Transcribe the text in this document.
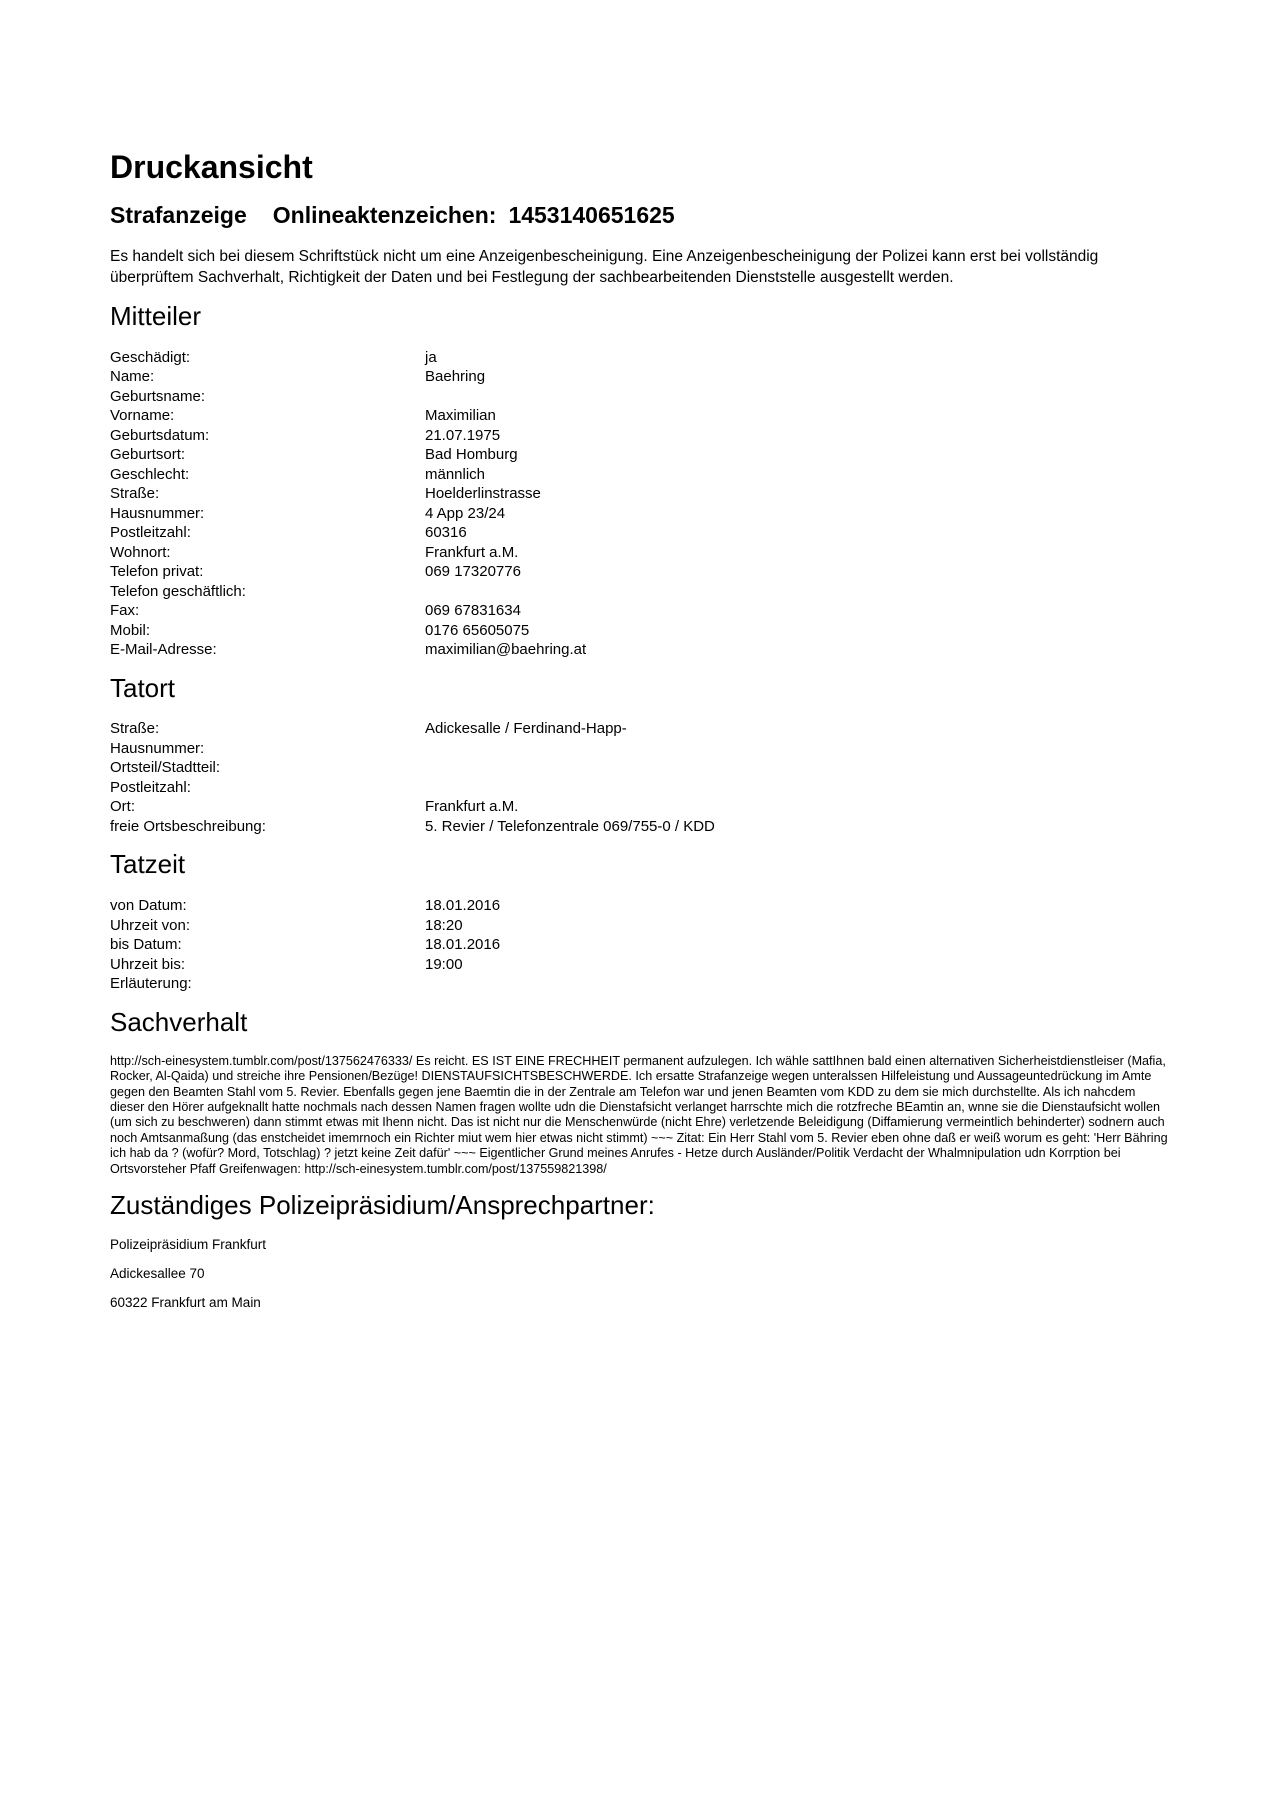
Druckansicht
Strafanzeige Onlineaktenzeichen: 1453140651625

Es handelt sich bei diesem Schriftstück nicht um eine Anzeigenbescheinigung. Eine Anzeigenbescheinigung der Polizei kann erst bei vollständig überprüftem Sachverhalt, Richtigkeit der Daten und bei Festlegung der sachbearbeitenden Dienststelle ausgestellt werden.

Mitteiler
Geschädigt:	ja
Name:	Baehring
Geburtsname:
Vorname:	Maximilian
Geburtsdatum:	21.07.1975
Geburtsort:	Bad Homburg
Geschlecht:	männlich
Straße:	Hoelderlinstrasse
Hausnummer:	4 App 23/24
Postleitzahl:	60316
Wohnort:	Frankfurt a.M.
Telefon privat:	069 17320776
Telefon geschäftlich:
Fax:	069 67831634
Mobil:	0176 65605075
E-Mail-Adresse:	maximilian@baehring.at
Tatort
Straße:	Adickesalle / Ferdinand-Happ-
Hausnummer:
Ortsteil/Stadtteil:
Postleitzahl:
Ort:	Frankfurt a.M.
freie Ortsbeschreibung:	5. Revier / Telefonzentrale 069/755-0 / KDD
Tatzeit
von Datum:	18.01.2016
Uhrzeit von:	18:20
bis Datum:	18.01.2016
Uhrzeit bis:	19:00
Erläuterung:
Sachverhalt

http://sch-einesystem.tumblr.com/post/137562476333/ Es reicht. ES IST EINE FRECHHEIT permanent aufzulegen. Ich wähle sattIhnen bald einen alternativen Sicherheistdienstleiser (Mafia, Rocker, Al-Qaida) und streiche ihre Pensionen/Bezüge! DIENSTAUFSICHTSBESCHWERDE. Ich ersatte Strafanzeige wegen unteralssen Hilfeleistung und Aussageuntedrückung im Amte gegen den Beamten Stahl vom 5. Revier. Ebenfalls gegen jene Baemtin die in der Zentrale am Telefon war und jenen Beamten vom KDD zu dem sie mich durchstellte. Als ich nahcdem dieser den Hörer aufgeknallt hatte nochmals nach dessen Namen fragen wollte udn die Dienstafsicht verlanget harrschte mich die rotzfreche BEamtin an, wnne sie die Dienstaufsicht wollen (um sich zu beschweren) dann stimmt etwas mit Ihenn nicht. Das ist nicht nur die Menschenwürde (nicht Ehre) verletzende Beleidigung (Diffamierung vermeintlich behinderter) sodnern auch noch Amtsanmaßung (das enstcheidet imemrnoch ein Richter miut wem hier etwas nicht stimmt) ~~~ Zitat: Ein Herr Stahl vom 5. Revier eben ohne daß er weiß worum es geht: 'Herr Bähring ich hab da ? (wofür? Mord, Totschlag) ? jetzt keine Zeit dafür' ~~~ Eigentlicher Grund meines Anrufes - Hetze durch Ausländer/Politik Verdacht der Whalmnipulation udn Korrption bei Ortsvorsteher Pfaff Greifenwagen: http://sch-einesystem.tumblr.com/post/137559821398/

Zuständiges Polizeipräsidium/Ansprechpartner:

Polizeipräsidium Frankfurt

Adickesallee 70

60322 Frankfurt am Main
